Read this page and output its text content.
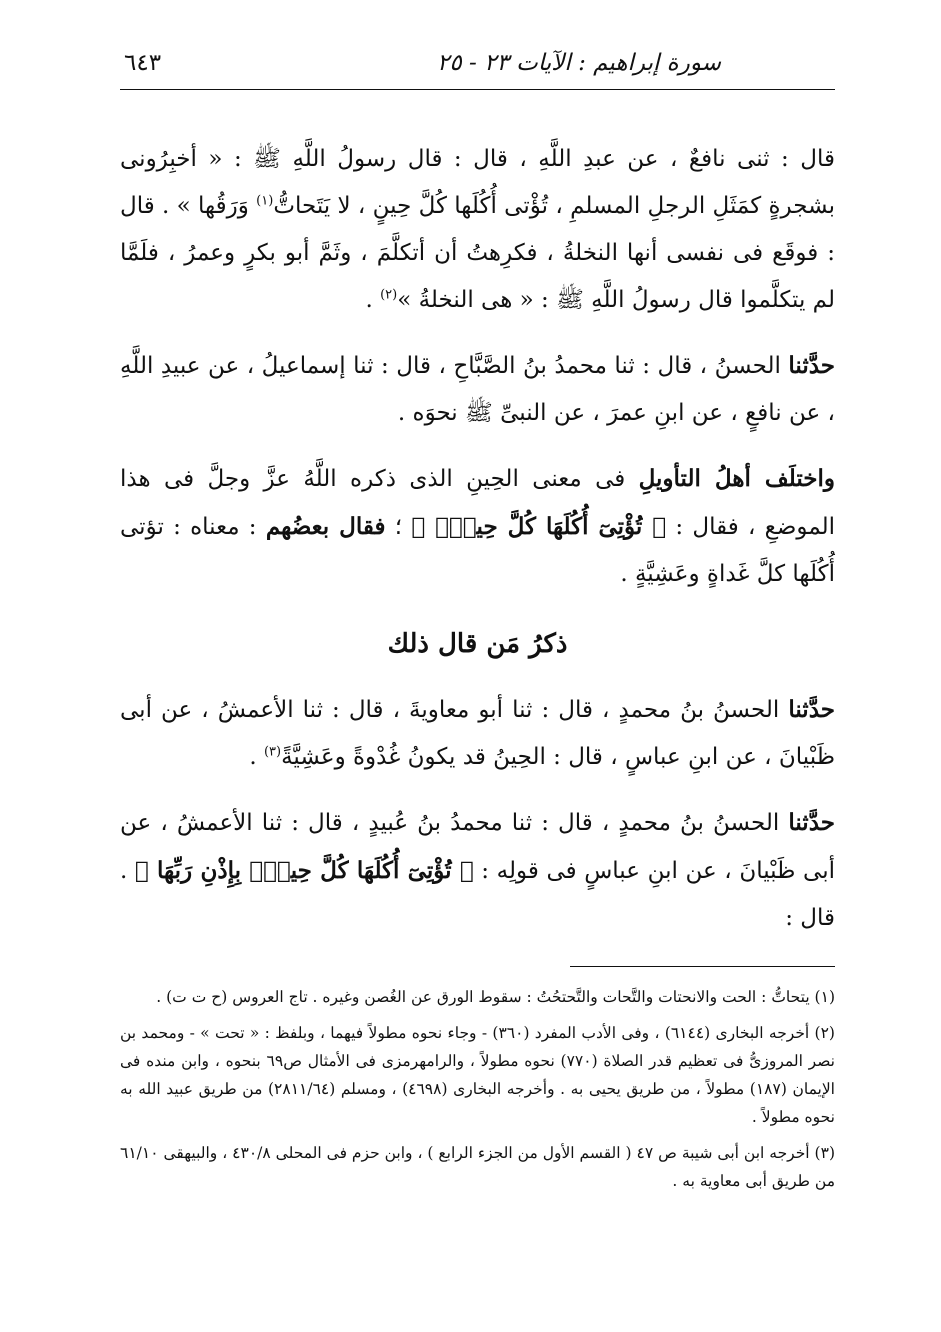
سورة إبراهيم : الآيات ٢٣ - ٢٥
٦٤٣

قال : ثنى نافعٌ ، عن عبدِ اللَّهِ ، قال : قال رسولُ اللَّهِ ﷺ : « أخبِرُونى بشجرةٍ كمَثَلِ الرجلِ المسلمِ ، تُؤْتى أُكُلَها كُلَّ حِينٍ ، لا يَتَحاتُّ$^{(١)}$ وَرَقُها » . قال : فوقَع فى نفسى أنها النخلةُ ، فكرِهتُ أن أتكلَّمَ ، وثَمَّ أبو بكرٍ وعمرُ ، فلَمَّا لم يتكلَّموا قال رسولُ اللَّهِ ﷺ : « هى النخلةُ »$^{(٢)}$ .

حدَّثنا الحسنُ ، قال : ثنا محمدُ بنُ الصَّبَّاحِ ، قال : ثنا إسماعيلُ ، عن عبيدِ اللَّهِ ، عن نافعٍ ، عن ابنِ عمرَ ، عن النبىِّ ﷺ نحوَه .

واختلَف أهلُ التأويلِ فى معنى الحِينِ الذى ذكره اللَّهُ عزَّ وجلَّ فى هذا الموضعِ ، فقال : ﴿ تُؤْتِىٓ أُكُلَهَا كُلَّ حِينٍۭ ﴾ ؛ فقال بعضُهم : معناه : تؤتى أُكُلَها كلَّ غَداةٍ وعَشِيَّةٍ .

ذكرُ مَن قال ذلك

حدَّثنا الحسنُ بنُ محمدٍ ، قال : ثنا أبو معاويةَ ، قال : ثنا الأعمشُ ، عن أبى ظَبْيانَ ، عن ابنِ عباسٍ ، قال : الحِينُ قد يكونُ غُدْوةً وعَشِيَّةً$^{(٣)}$ .

حدَّثنا الحسنُ بنُ محمدٍ ، قال : ثنا محمدُ بنُ عُبيدٍ ، قال : ثنا الأعمشُ ، عن أبى ظَبْيانَ ، عن ابنِ عباسٍ فى قولِه : ﴿ تُؤْتِىٓ أُكُلَهَا كُلَّ حِينٍۭ بِإِذْنِ رَبِّهَا ﴾ . قال :

(١) يتحاتُّ : الحت والانحتات والتَّحات والتَّحتحُتُ : سقوط الورق عن الغُصن وغيره . تاج العروس (ح ت ت) .

(٢) أخرجه البخارى (٦١٤٤) ، وفى الأدب المفرد (٣٦٠) - وجاء نحوه مطولاً فيهما ، وبلفظ : « تحت » - ومحمد بن نصر المروزىُّ فى تعظيم قدر الصلاة (٧٧٠) نحوه مطولاً ، والرامهرمزى فى الأمثال ص٦٩ بنحوه ، وابن منده فى الإيمان (١٨٧) مطولاً ، من طريق يحيى به . وأخرجه البخارى (٤٦٩٨) ، ومسلم (٢٨١١/٦٤) من طريق عبيد الله به نحوه مطولاً .

(٣) أخرجه ابن أبى شيبة ص ٤٧ ( القسم الأول من الجزء الرابع ) ، وابن حزم فى المحلى ٤٣٠/٨ ، والبيهقى ٦١/١٠ من طريق أبى معاوية به .
